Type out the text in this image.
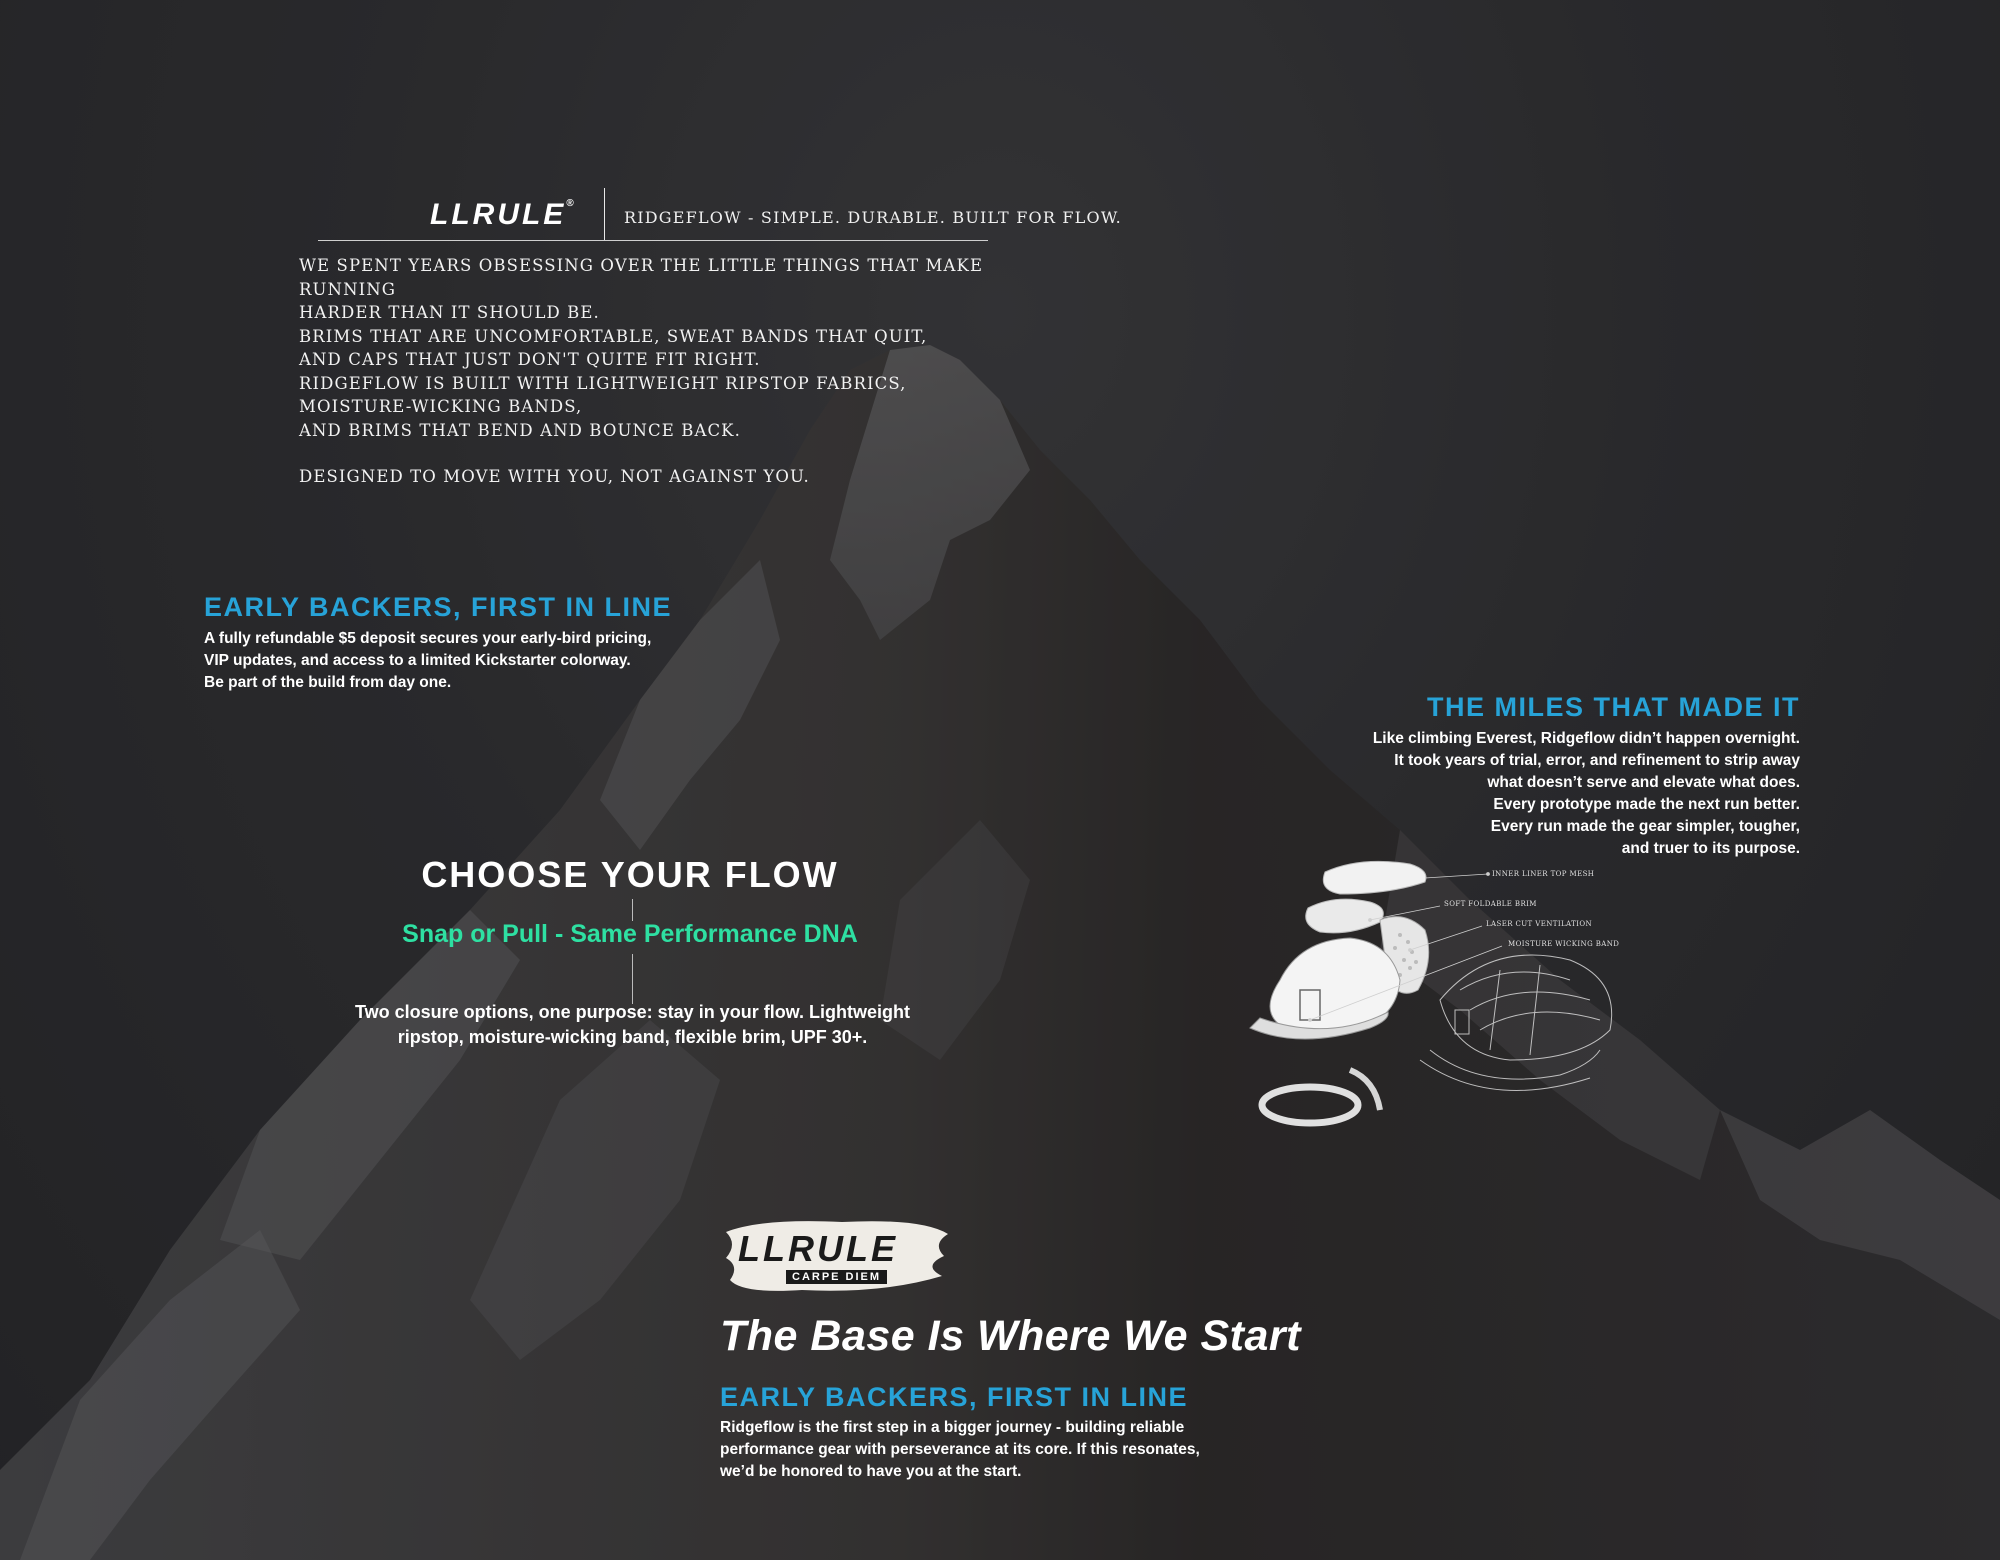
LLRULE®
RIDGEFLOW - SIMPLE. DURABLE. BUILT FOR FLOW.

WE SPENT YEARS OBSESSING OVER THE LITTLE THINGS THAT MAKE RUNNING

HARDER THAN IT SHOULD BE.

BRIMS THAT ARE UNCOMFORTABLE, SWEAT BANDS THAT QUIT,

AND CAPS THAT JUST DON'T QUITE FIT RIGHT.

RIDGEFLOW IS BUILT WITH LIGHTWEIGHT RIPSTOP FABRICS,

MOISTURE-WICKING BANDS,

AND BRIMS THAT BEND AND BOUNCE BACK.

DESIGNED TO MOVE WITH YOU, NOT AGAINST YOU.

EARLY BACKERS, FIRST IN LINE

A fully refundable $5 deposit secures your early-bird pricing,

VIP updates, and access to a limited Kickstarter colorway.

Be part of the build from day one.

THE MILES THAT MADE IT

Like climbing Everest, Ridgeflow didn’t happen overnight.

It took years of trial, error, and refinement to strip away

what doesn’t serve and elevate what does.

Every prototype made the next run better.

Every run made the gear simpler, tougher,

and truer to its purpose.

CHOOSE YOUR FLOW
Snap or Pull - Same Performance DNA
Two closure options, one purpose: stay in your flow. Lightweight
ripstop, moisture-wicking band, flexible brim, UPF 30+.
INNER LINER TOP MESH
SOFT FOLDABLE BRIM
LASER CUT VENTILATION
MOISTURE WICKING BAND
LLRULE
CARPE DIEM
The Base Is Where We Start
EARLY BACKERS, FIRST IN LINE

Ridgeflow is the first step in a bigger journey - building reliable

performance gear with perseverance at its core. If this resonates,

we’d be honored to have you at the start.
